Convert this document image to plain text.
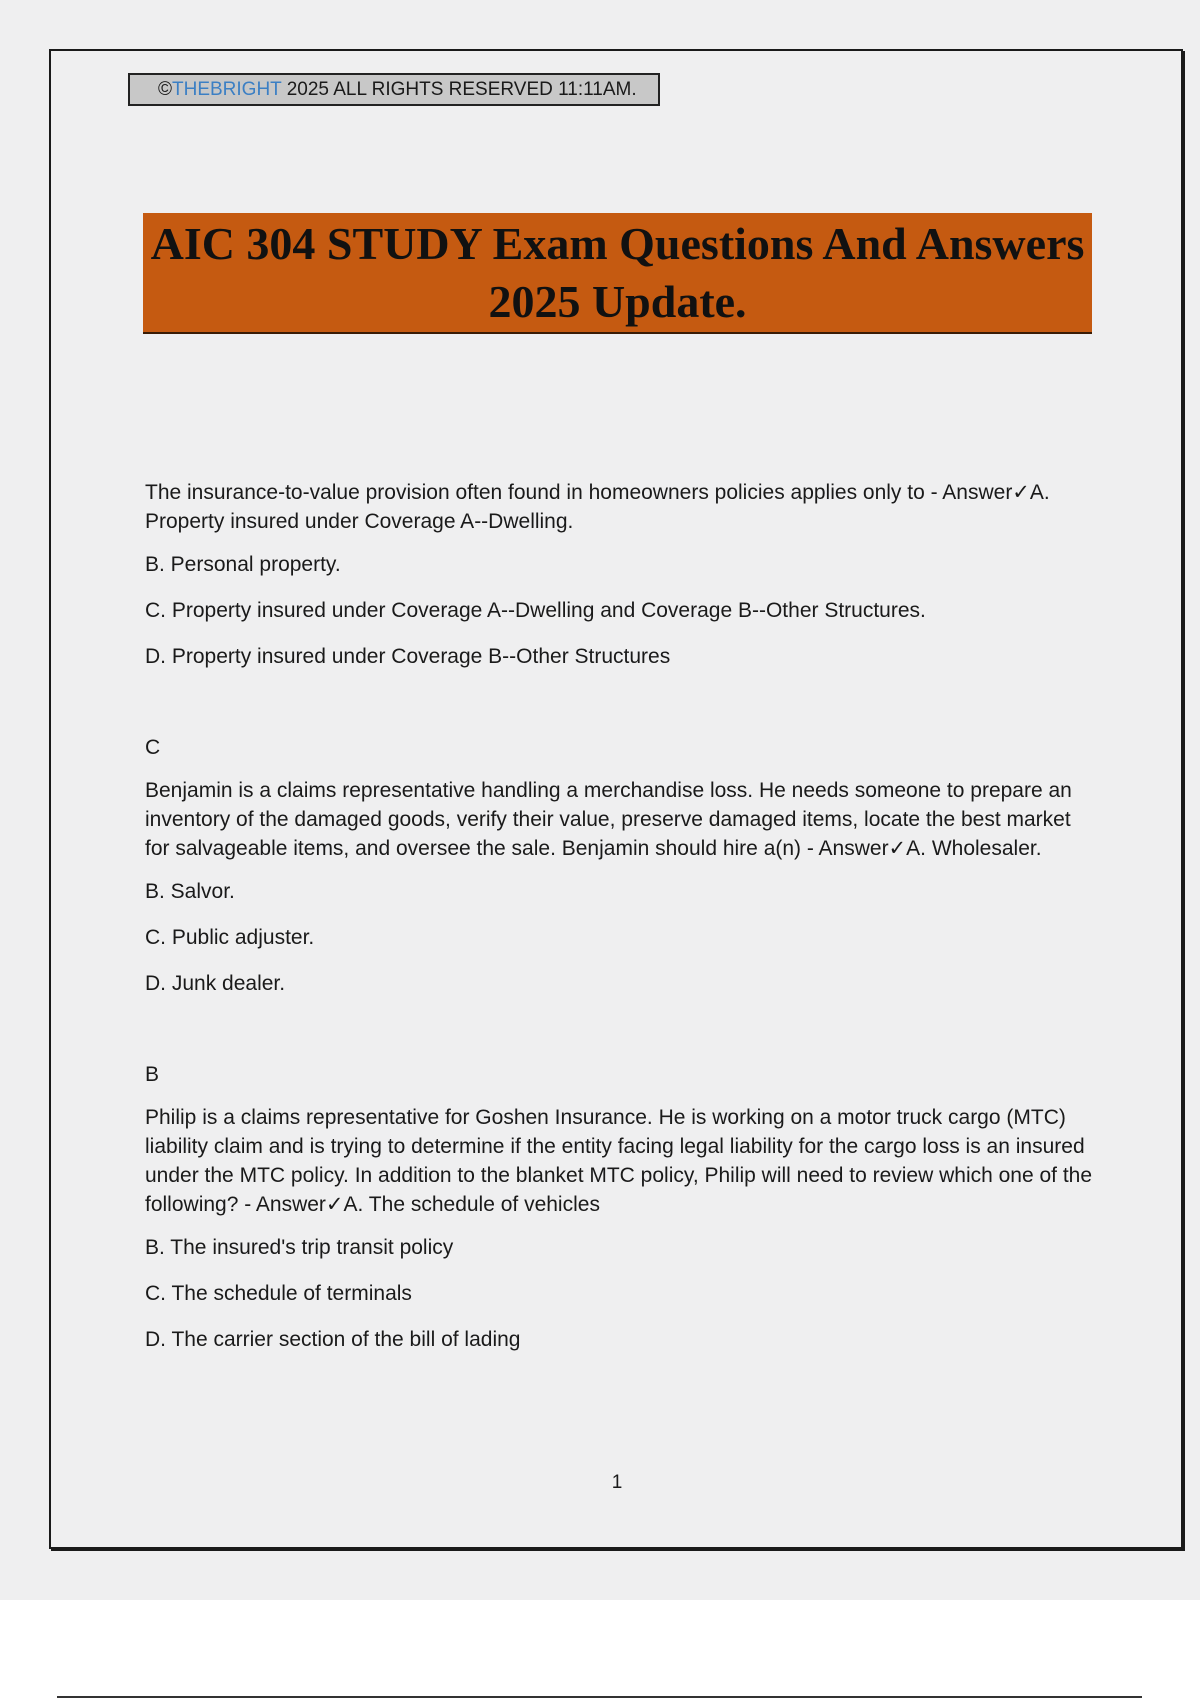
©THEBRIGHT 2025 ALL RIGHTS RESERVED 11:11AM.
AIC 304 STUDY Exam Questions And Answers 2025 Update.

The insurance-to-value provision often found in homeowners policies applies only to - Answer✓A. Property insured under Coverage A--Dwelling.

B. Personal property.

C. Property insured under Coverage A--Dwelling and Coverage B--Other Structures.

D. Property insured under Coverage B--Other Structures

C

Benjamin is a claims representative handling a merchandise loss. He needs someone to prepare an inventory of the damaged goods, verify their value, preserve damaged items, locate the best market for salvageable items, and oversee the sale. Benjamin should hire a(n) - Answer✓A. Wholesaler.

B. Salvor.

C. Public adjuster.

D. Junk dealer.

B

Philip is a claims representative for Goshen Insurance. He is working on a motor truck cargo (MTC) liability claim and is trying to determine if the entity facing legal liability for the cargo loss is an insured under the MTC policy. In addition to the blanket MTC policy, Philip will need to review which one of the following? - Answer✓A. The schedule of vehicles

B. The insured's trip transit policy

C. The schedule of terminals

D. The carrier section of the bill of lading

1
